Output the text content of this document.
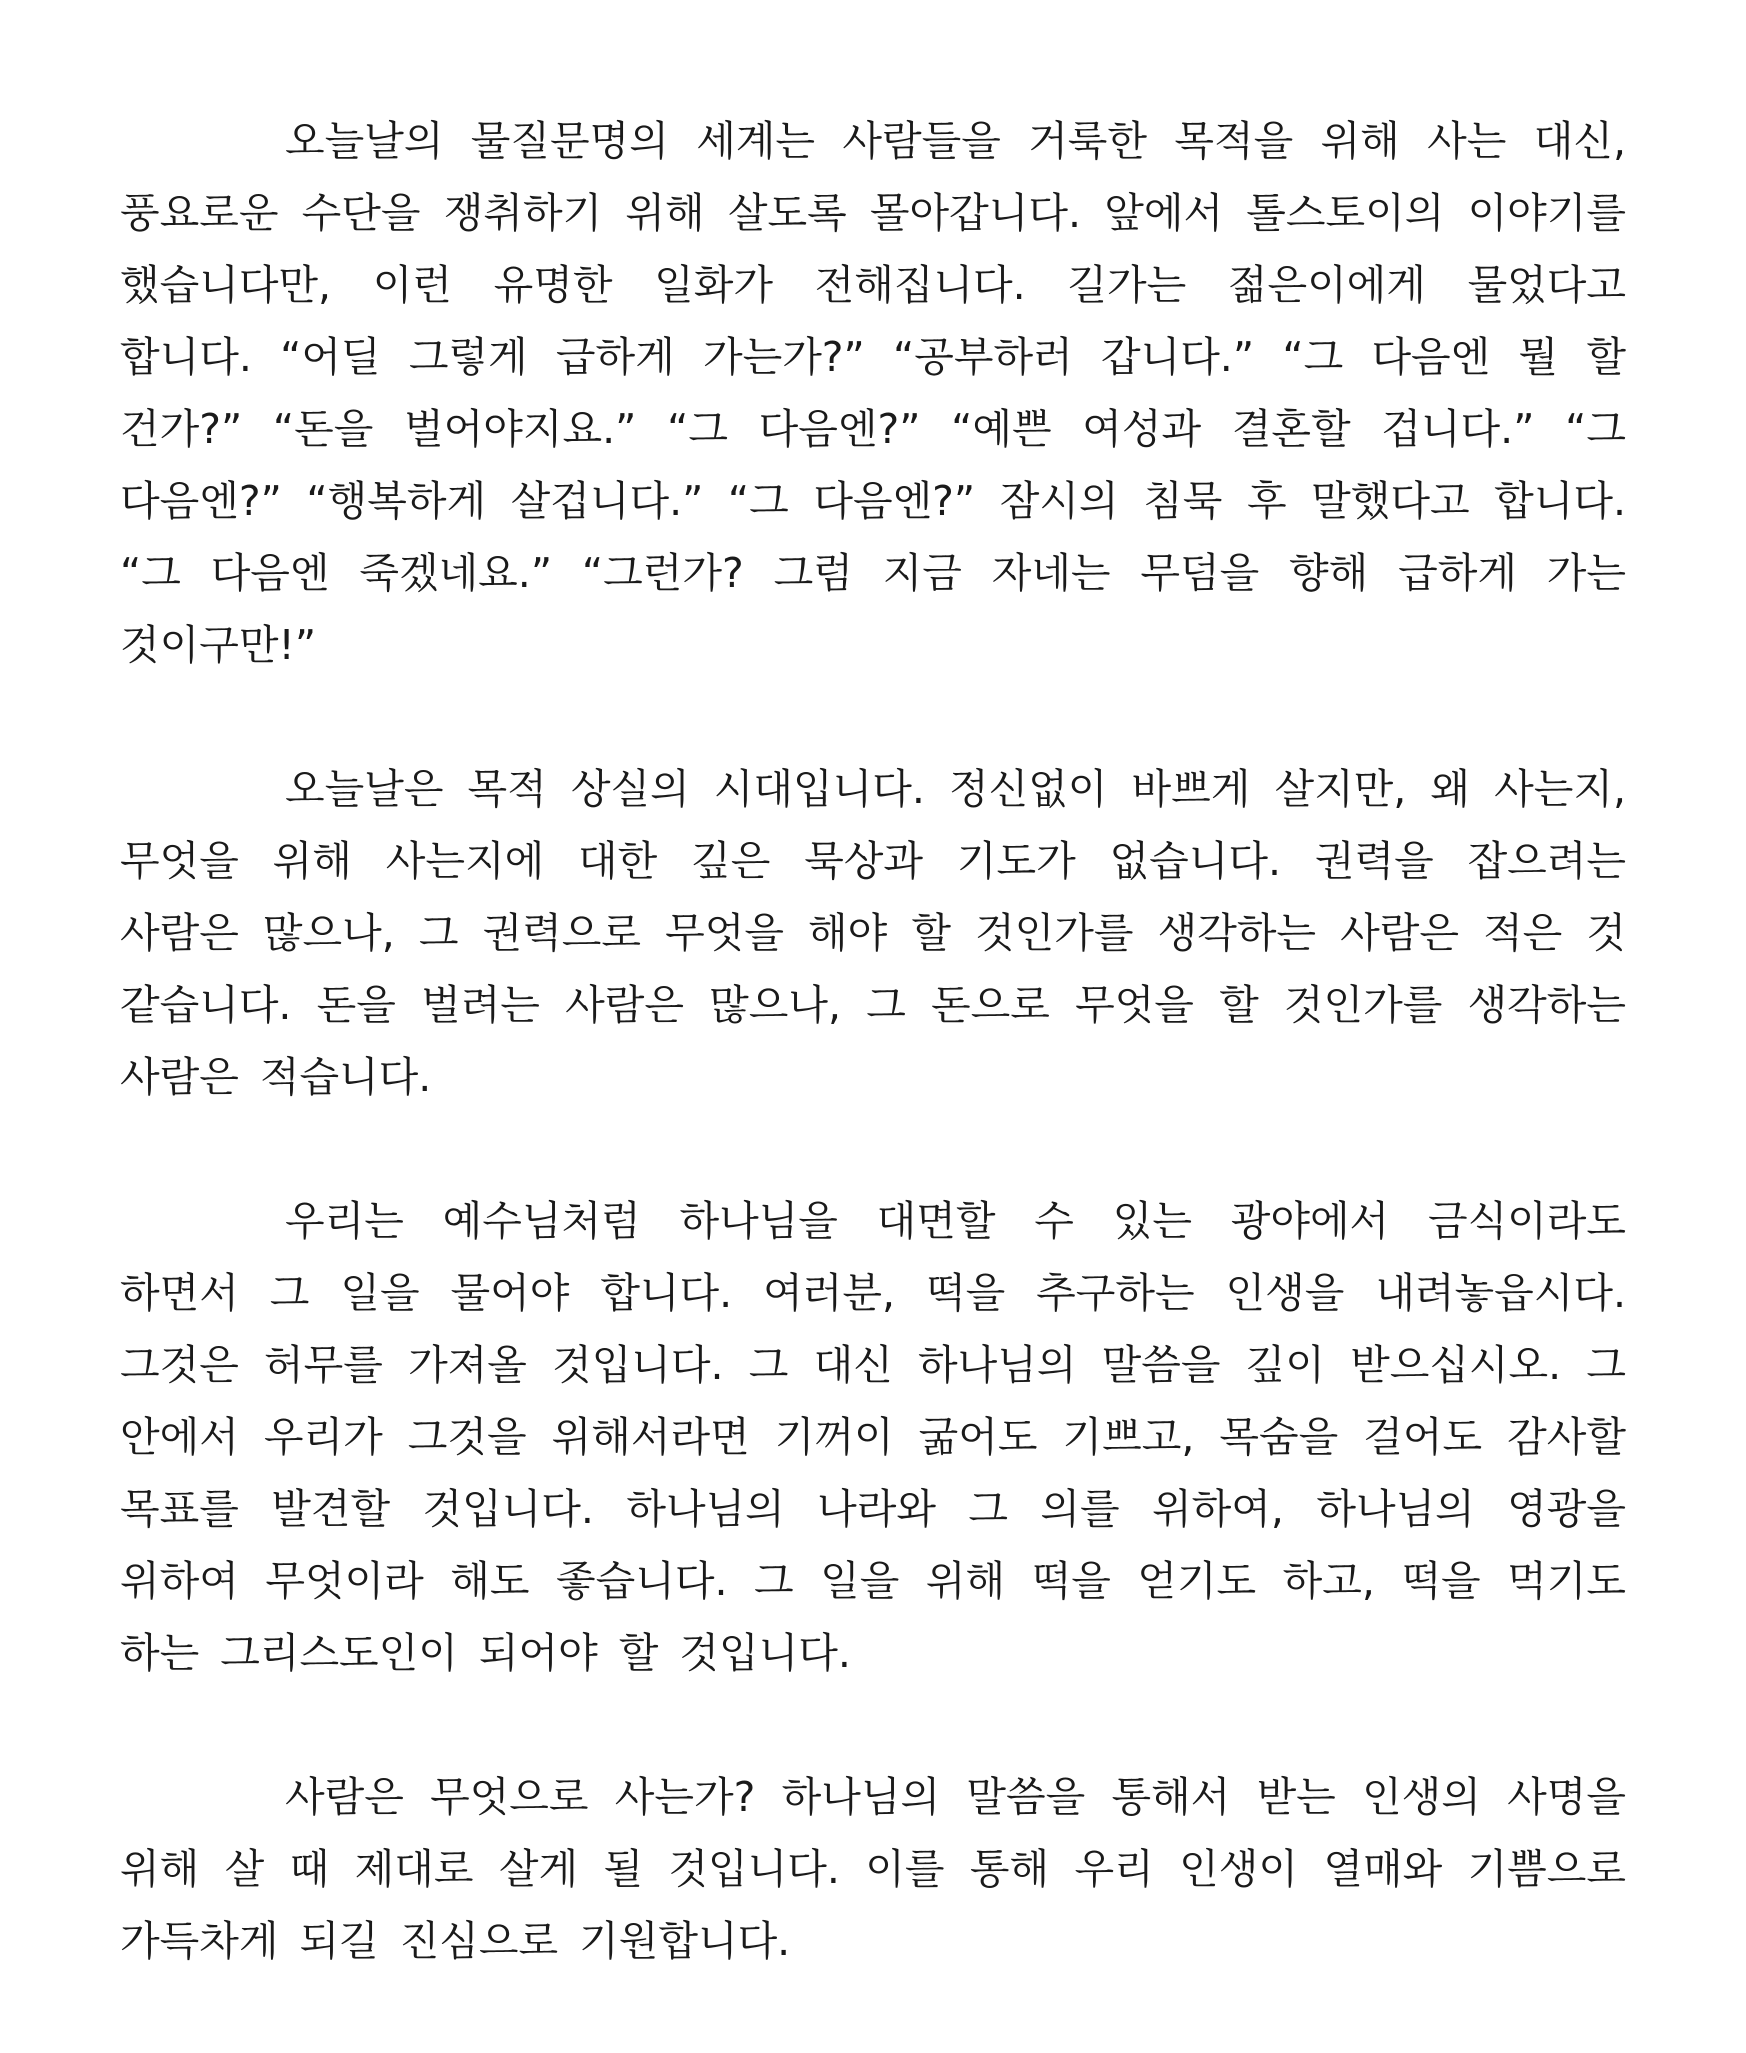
오늘날의 물질문명의 세계는 사람들을 거룩한 목적을 위해 사는 대신, 풍요로운 수단을 쟁취하기 위해 살도록 몰아갑니다. 앞에서 톨스토이의 이야기를 했습니다만, 이런 유명한 일화가 전해집니다. 길가는 젊은이에게 물었다고 합니다. “어딜 그렇게 급하게 가는가?” “공부하러 갑니다.” “그 다음엔 뭘 할 건가?” “돈을 벌어야지요.” “그 다음엔?” “예쁜 여성과 결혼할 겁니다.” “그 다음엔?” “행복하게 살겁니다.” “그 다음엔?” 잠시의 침묵 후 말했다고 합니다. “그 다음엔 죽겠네요.” “그런가? 그럼 지금 자네는 무덤을 향해 급하게 가는 것이구만!”

오늘날은 목적 상실의 시대입니다. 정신없이 바쁘게 살지만, 왜 사는지, 무엇을 위해 사는지에 대한 깊은 묵상과 기도가 없습니다. 권력을 잡으려는 사람은 많으나, 그 권력으로 무엇을 해야 할 것인가를 생각하는 사람은 적은 것 같습니다. 돈을 벌려는 사람은 많으나, 그 돈으로 무엇을 할 것인가를 생각하는 사람은 적습니다.

우리는 예수님처럼 하나님을 대면할 수 있는 광야에서 금식이라도 하면서 그 일을 물어야 합니다. 여러분, 떡을 추구하는 인생을 내려놓읍시다. 그것은 허무를 가져올 것입니다. 그 대신 하나님의 말씀을 깊이 받으십시오. 그 안에서 우리가 그것을 위해서라면 기꺼이 굶어도 기쁘고, 목숨을 걸어도 감사할 목표를 발견할 것입니다. 하나님의 나라와 그 의를 위하여, 하나님의 영광을 위하여 무엇이라 해도 좋습니다. 그 일을 위해 떡을 얻기도 하고, 떡을 먹기도 하는 그리스도인이 되어야 할 것입니다.

사람은 무엇으로 사는가? 하나님의 말씀을 통해서 받는 인생의 사명을 위해 살 때 제대로 살게 될 것입니다. 이를 통해 우리 인생이 열매와 기쁨으로 가득차게 되길 진심으로 기원합니다.
